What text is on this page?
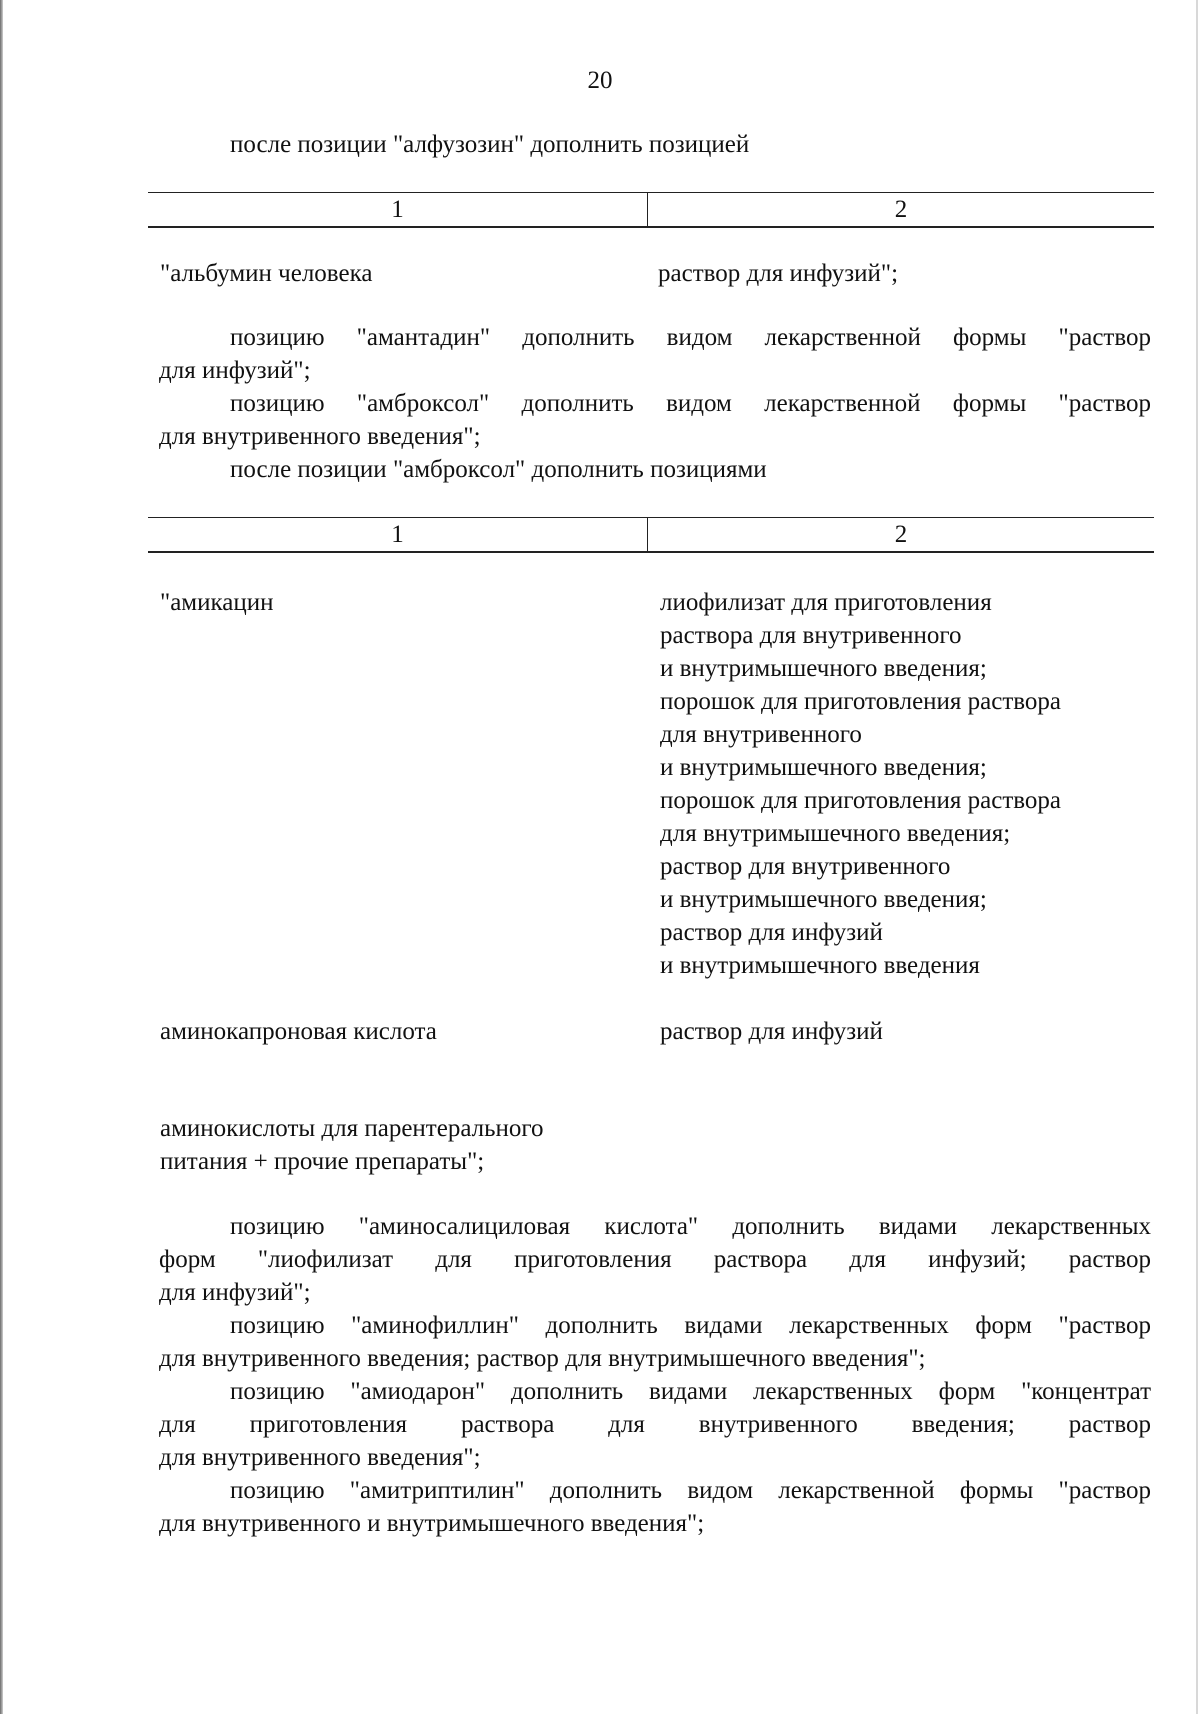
20
после позиции "алфузозин" дополнить позицией
1	2
"альбумин человека	раствор для инфузий";
позицию "амантадин" дополнить видом лекарственной формы "раствор
для инфузий";
позицию "амброксол" дополнить видом лекарственной формы "раствор
для внутривенного введения";
после позиции "амброксол" дополнить позициями
1	2
"амикацин	лиофилизат для приготовления
раствора для внутривенного
и внутримышечного введения;
порошок для приготовления раствора
для внутривенного
и внутримышечного введения;
порошок для приготовления раствора
для внутримышечного введения;
раствор для внутривенного
и внутримышечного введения;
раствор для инфузий
и внутримышечного введения
аминокапроновая кислота	раствор для инфузий
аминокислоты для парентерального
питания + прочие препараты";
позицию "аминосалициловая кислота" дополнить видами лекарственных
форм "лиофилизат для приготовления раствора для инфузий; раствор
для инфузий";
позицию "аминофиллин" дополнить видами лекарственных форм "раствор
для внутривенного введения; раствор для внутримышечного введения";
позицию "амиодарон" дополнить видами лекарственных форм "концентрат
для приготовления раствора для внутривенного введения; раствор
для внутривенного введения";
позицию "амитриптилин" дополнить видом лекарственной формы "раствор
для внутривенного и внутримышечного введения";
